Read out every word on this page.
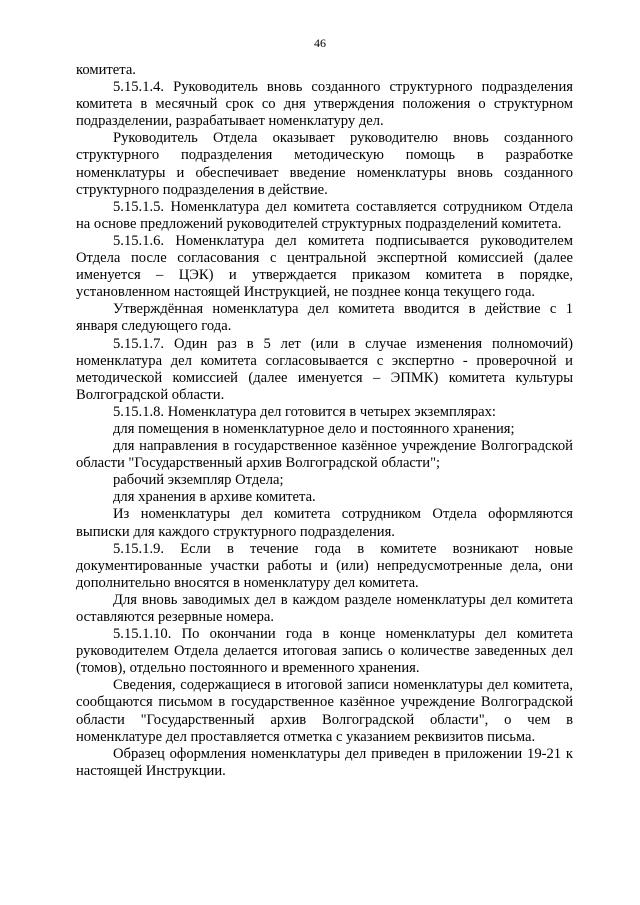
46

комитета.

5.15.1.4. Руководитель вновь созданного структурного подразделения комитета в месячный срок со дня утверждения положения о структурном подразделении, разрабатывает номенклатуру дел.

Руководитель Отдела оказывает руководителю вновь созданного структурного подразделения методическую помощь в разработке номенклатуры и обеспечивает введение номенклатуры вновь созданного структурного подразделения в действие.

5.15.1.5. Номенклатура дел комитета составляется сотрудником Отдела на основе предложений руководителей структурных подразделений комитета.

5.15.1.6. Номенклатура дел комитета подписывается руководителем Отдела после согласования с центральной экспертной комиссией (далее именуется – ЦЭК) и утверждается приказом комитета в порядке, установленном настоящей Инструкцией, не позднее конца текущего года.

Утверждённая номенклатура дел комитета вводится в действие с 1 января следующего года.

5.15.1.7. Один раз в 5 лет (или в случае изменения полномочий) номенклатура дел комитета согласовывается с экспертно - проверочной и методической комиссией (далее именуется – ЭПМК) комитета культуры Волгоградской области.

5.15.1.8. Номенклатура дел готовится в четырех экземплярах:

для помещения в номенклатурное дело и постоянного хранения;

для направления в государственное казённое учреждение Волгоградской области "Государственный архив Волгоградской области";

рабочий экземпляр Отдела;

для хранения в архиве комитета.

Из номенклатуры дел комитета сотрудником Отдела оформляются выписки для каждого структурного подразделения.

5.15.1.9. Если в течение года в комитете возникают новые документированные участки работы и (или) непредусмотренные дела, они дополнительно вносятся в номенклатуру дел комитета.

Для вновь заводимых дел в каждом разделе номенклатуры дел комитета оставляются резервные номера.

5.15.1.10. По окончании года в конце номенклатуры дел комитета руководителем Отдела делается итоговая запись о количестве заведенных дел (томов), отдельно постоянного и временного хранения.

Сведения, содержащиеся в итоговой записи номенклатуры дел комитета, сообщаются письмом в государственное казённое учреждение Волгоградской области "Государственный архив Волгоградской области", о чем в номенклатуре дел проставляется отметка с указанием реквизитов письма.

Образец оформления номенклатуры дел приведен в приложении 19-21 к настоящей Инструкции.
